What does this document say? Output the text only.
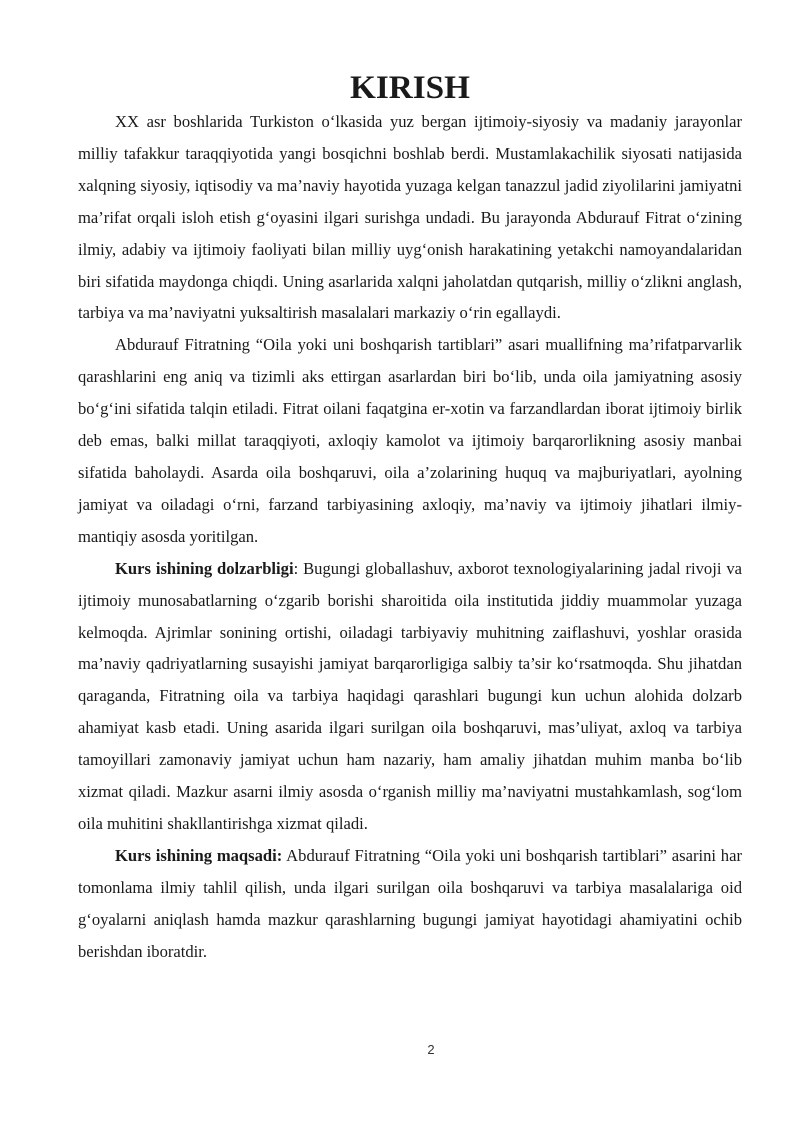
KIRISH

XX asr boshlarida Turkiston o‘lkasida yuz bergan ijtimoiy-siyosiy va madaniy jarayonlar milliy tafakkur taraqqiyotida yangi bosqichni boshlab berdi. Mustamlakachilik siyosati natijasida xalqning siyosiy, iqtisodiy va ma’naviy hayotida yuzaga kelgan tanazzul jadid ziyolilarini jamiyatni ma’rifat orqali isloh etish g‘oyasini ilgari surishga undadi. Bu jarayonda Abdurauf Fitrat o‘zining ilmiy, adabiy va ijtimoiy faoliyati bilan milliy uyg‘onish harakatining yetakchi namoyandalaridan biri sifatida maydonga chiqdi. Uning asarlarida xalqni jaholatdan qutqarish, milliy o‘zlikni anglash, tarbiya va ma’naviyatni yuksaltirish masalalari markaziy o‘rin egallaydi.

Abdurauf Fitratning “Oila yoki uni boshqarish tartiblari” asari muallifning ma’rifatparvarlik qarashlarini eng aniq va tizimli aks ettirgan asarlardan biri bo‘lib, unda oila jamiyatning asosiy bo‘g‘ini sifatida talqin etiladi. Fitrat oilani faqatgina er-xotin va farzandlardan iborat ijtimoiy birlik deb emas, balki millat taraqqiyoti, axloqiy kamolot va ijtimoiy barqarorlikning asosiy manbai sifatida baholaydi. Asarda oila boshqaruvi, oila a’zolarining huquq va majburiyatlari, ayolning jamiyat va oiladagi o‘rni, farzand tarbiyasining axloqiy, ma’naviy va ijtimoiy jihatlari ilmiy-mantiqiy asosda yoritilgan.

Kurs ishining dolzarbligi: Bugungi globallashuv, axborot texnologiyalarining jadal rivoji va ijtimoiy munosabatlarning o‘zgarib borishi sharoitida oila institutida jiddiy muammolar yuzaga kelmoqda. Ajrimlar sonining ortishi, oiladagi tarbiyaviy muhitning zaiflashuvi, yoshlar orasida ma’naviy qadriyatlarning susayishi jamiyat barqarorligiga salbiy ta’sir ko‘rsatmoqda. Shu jihatdan qaraganda, Fitratning oila va tarbiya haqidagi qarashlari bugungi kun uchun alohida dolzarb ahamiyat kasb etadi. Uning asarida ilgari surilgan oila boshqaruvi, mas’uliyat, axloq va tarbiya tamoyillari zamonaviy jamiyat uchun ham nazariy, ham amaliy jihatdan muhim manba bo‘lib xizmat qiladi. Mazkur asarni ilmiy asosda o‘rganish milliy ma’naviyatni mustahkamlash, sog‘lom oila muhitini shakllantirishga xizmat qiladi.

Kurs ishining maqsadi: Abdurauf Fitratning “Oila yoki uni boshqarish tartiblari” asarini har tomonlama ilmiy tahlil qilish, unda ilgari surilgan oila boshqaruvi va tarbiya masalalariga oid g‘oyalarni aniqlash hamda mazkur qarashlarning bugungi jamiyat hayotidagi ahamiyatini ochib berishdan iboratdir.

2
